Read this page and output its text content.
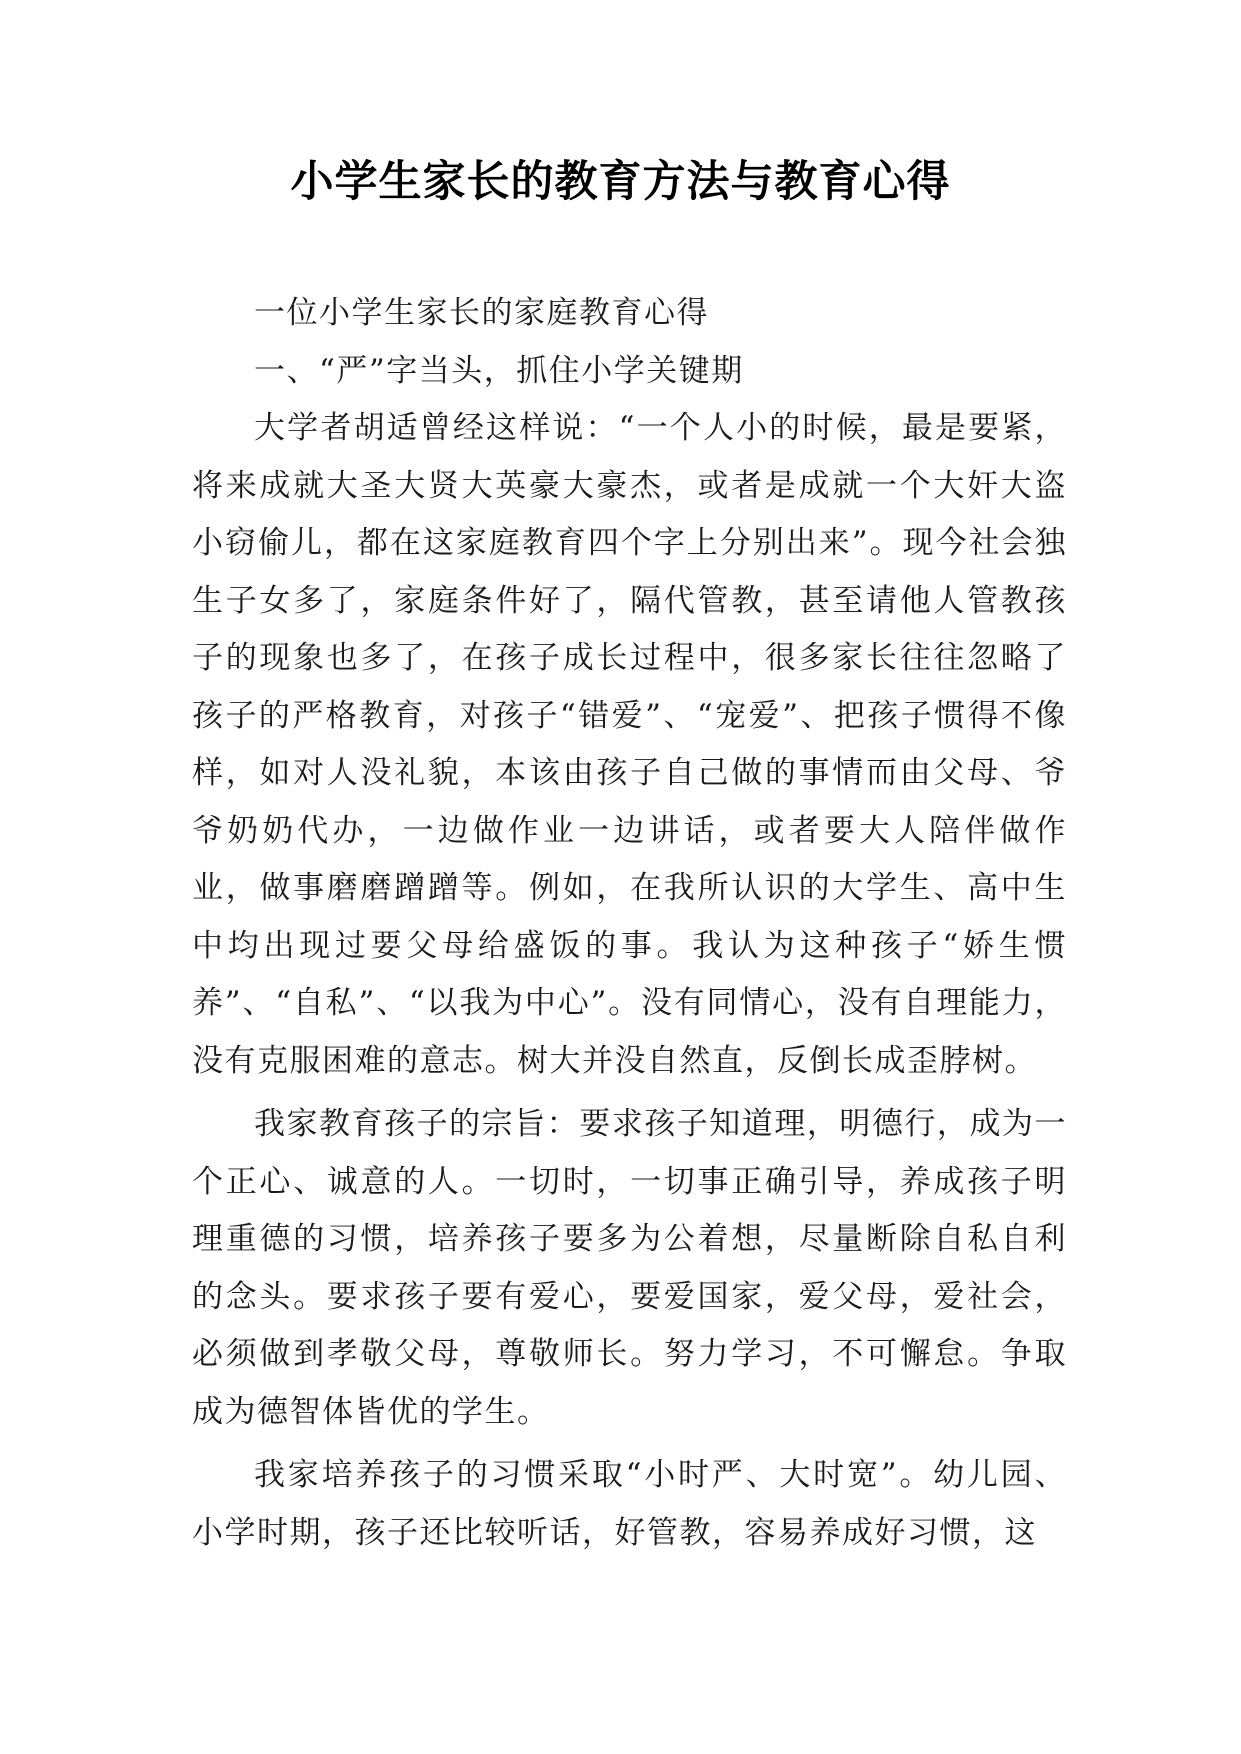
小学生家长的教育方法与教育心得

一位小学生家长的家庭教育心得

一、“严”字当头，抓住小学关键期

大学者胡适曾经这样说：“一个人小的时候，最是要紧，将来成就大圣大贤大英豪大豪杰，或者是成就一个大奸大盗小窃偷儿，都在这家庭教育四个字上分别出来”。现今社会独生子女多了，家庭条件好了，隔代管教，甚至请他人管教孩子的现象也多了，在孩子成长过程中，很多家长往往忽略了孩子的严格教育，对孩子“错爱”、“宠爱”、把孩子惯得不像样，如对人没礼貌，本该由孩子自己做的事情而由父母、爷爷奶奶代办，一边做作业一边讲话，或者要大人陪伴做作业，做事磨磨蹭蹭等。例如，在我所认识的大学生、高中生中均出现过要父母给盛饭的事。我认为这种孩子“娇生惯养”、“自私”、“以我为中心”。没有同情心，没有自理能力，没有克服困难的意志。树大并没自然直，反倒长成歪脖树。

我家教育孩子的宗旨：要求孩子知道理，明德行，成为一个正心、诚意的人。一切时，一切事正确引导，养成孩子明理重德的习惯，培养孩子要多为公着想，尽量断除自私自利的念头。要求孩子要有爱心，要爱国家，爱父母，爱社会，必须做到孝敬父母，尊敬师长。努力学习，不可懈怠。争取成为德智体皆优的学生。

我家培养孩子的习惯采取“小时严、大时宽”。幼儿园、小学时期，孩子还比较听话，好管教，容易养成好习惯，这
